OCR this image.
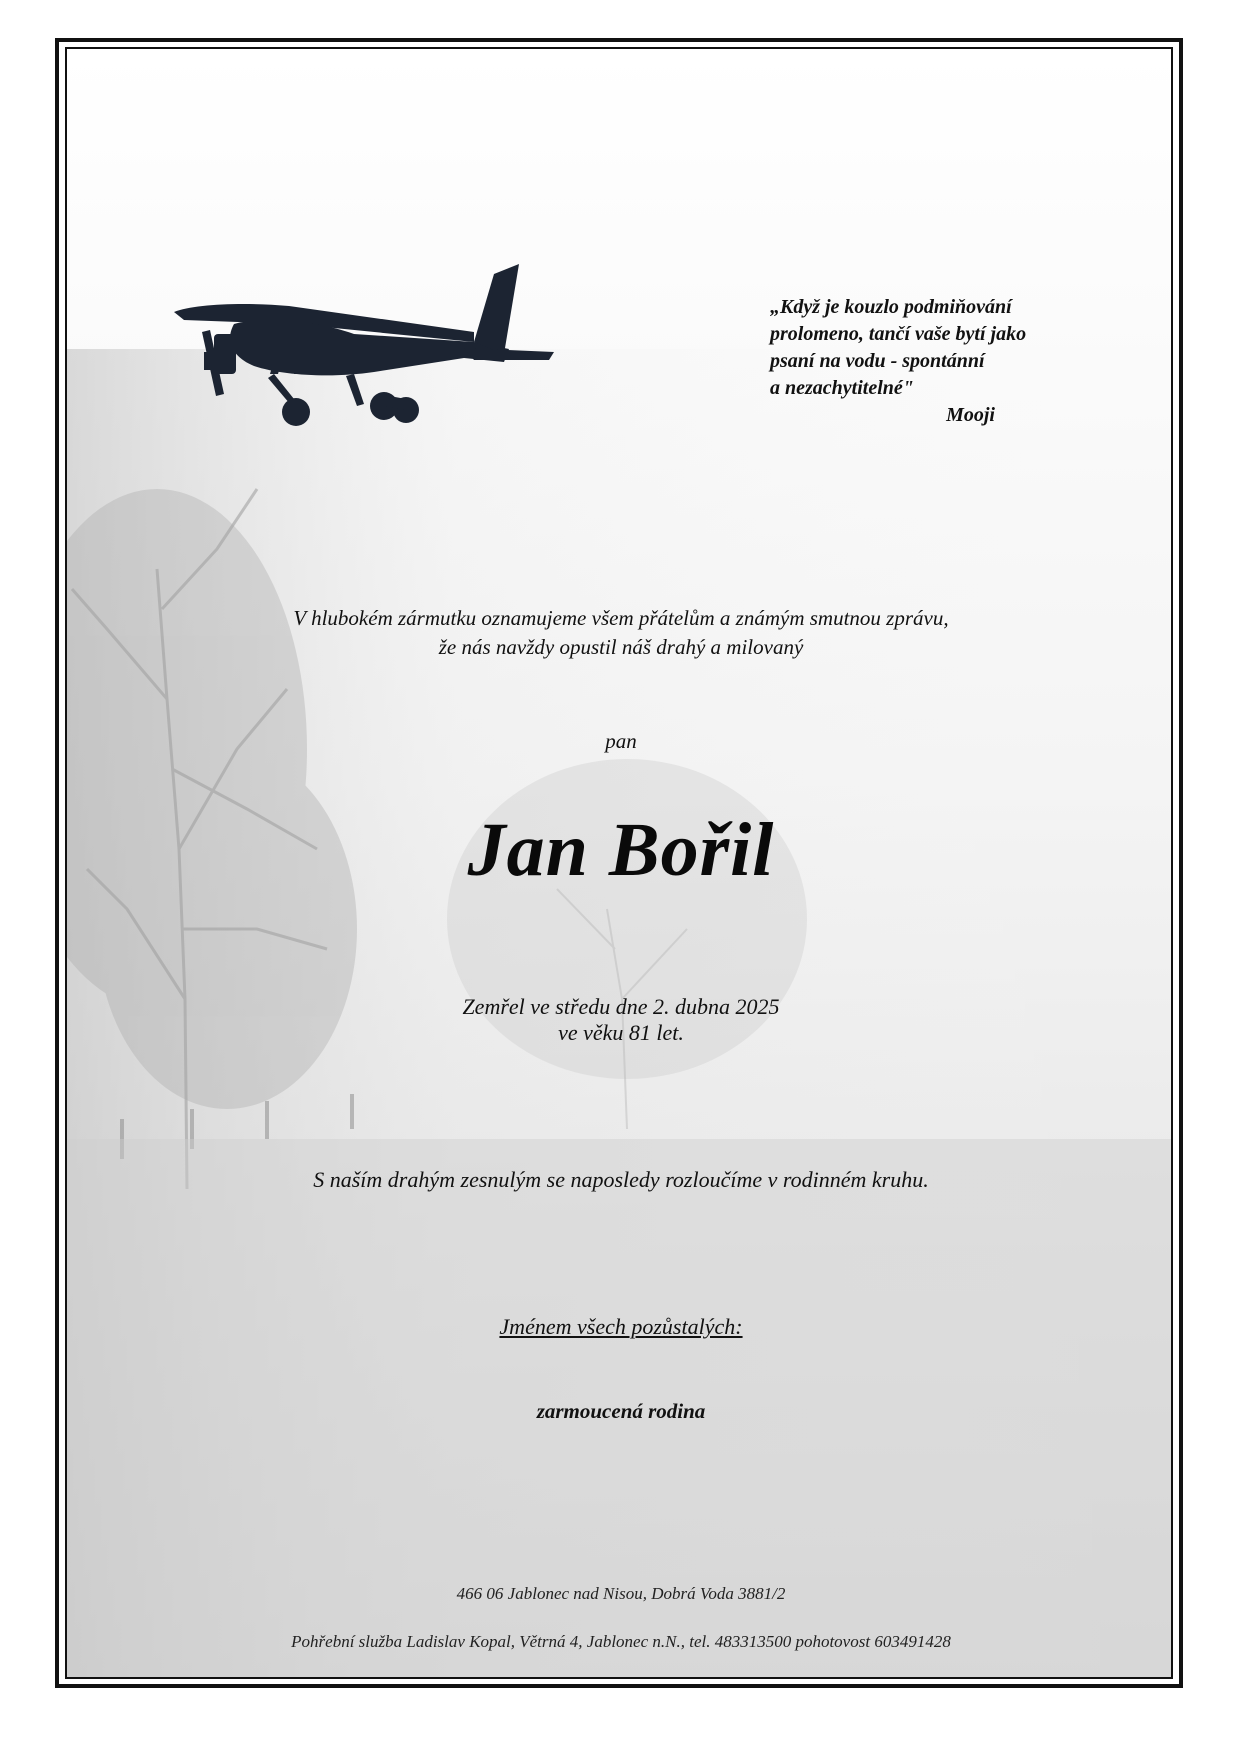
„Když je kouzlo podmiňování
prolomeno, tančí vaše bytí jako
psaní na vodu - spontánní
a nezachytitelné"
Mooji
V hlubokém zármutku oznamujeme všem přátelům a známým smutnou zprávu,
že nás navždy opustil náš drahý a milovaný
pan
Jan Bořil
Zemřel ve středu dne 2. dubna 2025
ve věku 81 let.
S naším drahým zesnulým se naposledy rozloučíme v rodinném kruhu.
Jménem všech pozůstalých:
zarmoucená rodina
466 06 Jablonec nad Nisou, Dobrá Voda 3881/2
Pohřební služba Ladislav Kopal, Větrná 4, Jablonec n.N., tel. 483313500 pohotovost 603491428
